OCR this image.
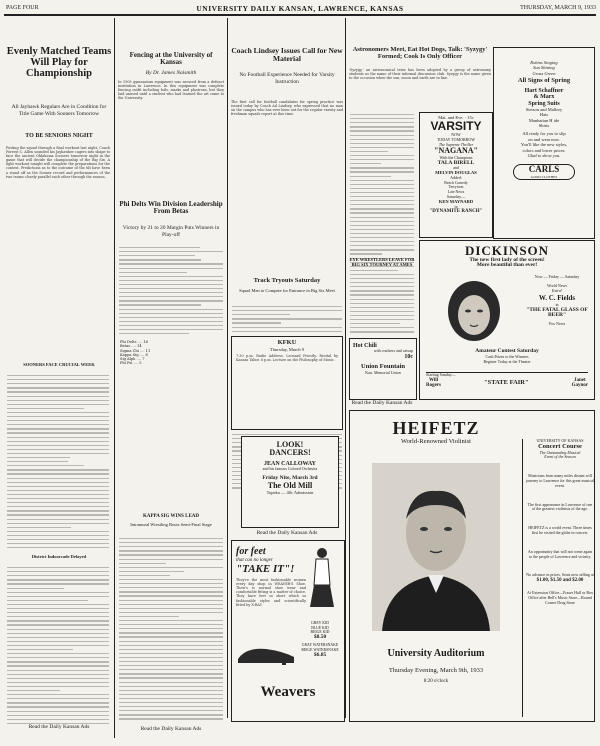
PAGE FOUR	UNIVERSITY DAILY KANSAN, LAWRENCE, KANSAS	THURSDAY, MARCH 9, 1933
Evenly Matched Teams Will Play for Championship
All Jayhawk Regulars Are in Condition for Title Game With Sooners Tomorrow
TO BE SENIORS NIGHT
Putting the squad through a final workout last night, Coach Forrest C. Allen sounded his Jayhawker cagers into shape to face the ancient Oklahoma Sooners tomorrow night in the game that will decide the championship of the Big Six. A light workout tonight will complete the preparations for the contest. Predictions as to the outcome of the tilt have been a stand off as the Sooner record and performances of the two teams closely parallel each other through the season.
SOONERS FACE CRUCIAL WEEK
District Indoorcade Delayed
Read the Daily Kansan Ads
Fencing at the University of Kansas
By Dr. James Naismith
In 1905 gymnasium equipment was secured from a defunct institution in Lawrence. In this equipment was complete fencing outfit including foils, masks and plastrons, but they laid unused until a student who had learned the art came to the University.
Phi Delts Win Division Leadership From Betas
Victory by 21 to 20 Margin Puts Winners in Play-off
Phi Delts .... 16
Betas .... 14
Sigma Chi .... 11
Kappa Sig .... 8
Sig Alph .... 7
Phi Psi .... 5
KAPPA SIG WINS LEAD
Intramural Wrestling Bouts Semi-Final Stage
Read the Daily Kansan Ads
Coach Lindsey Issues Call for New Material
No Football Experience Needed for Varsity Instruction
The first call for football candidates for spring practice was issued today by Coach Ad Lindsey, who expressed that no man on the campus who has ever been out for the regular varsity and freshman squads report at this time.
KFKU
Thursday, March 9
7:30 p.m. Radio Address, Leonard Priestly. Recital by Kansas Tabor. 8 p.m. Lecture on the Philosophy of Music.
Track Tryouts Saturday
Squad Men to Compete for Entrance in Big Six Meet
LOOK!
DANCERS!
JEAN CALLOWAY
and his famous Colored Orchestra
Friday Nite, March 3rd
The Old Mill
Topeka — 40c Admission
Read the Daily Kansan Ads
Astronomers Meet, Eat Hot Dogs, Talk: 'Syzygy' Formed; Cook Is Only Officer
'Syzygy,' an astronomical term has been adopted by a group of astronomy students as the name of their informal discussion club. Syzygy is the name given to the occasion when the sun, moon and earth are in line.
Robins Singing
Sun Shining
Grass Green
All Signs of Spring
Hart Schaffner
& Marx
Spring Suits
Stetson and Mallory
Hats
Manhattan H ide
Shirts
All ready for you to slip
on and wear now.
You'll like the new styles,
colors and lower prices.
Glad to show you.
CARLS
GOOD CLOTHES
Mat. and Eve. · 15c
VARSITY
NOW
TODAY TOMORROW
The Supreme Thriller
"NAGANA"
With the Champions
TALA BIRELL
and
MELVIN DOUGLAS
Added:
Bench Comedy
Terrytoon
Late News
Saturday—
KEN MAYNARD
in
"DYNAMITE RANCH"
DICKINSON
The new first lady of the screen!
More beautiful than ever!
Now — Friday — Saturday
World News
Extra!
W. C. Fields
in
"THE FATAL GLASS OF BEER"
Fox News
Amateur Contest Saturday
Cash Prizes to the Winners
Register Today at the Theater
Starting Sunday—
Will
Rogers	"STATE FAIR"	Janet
Gaynor
Hot Chili
with crackers and catsup
10c
Union Fountain
Kan. Memorial Union
EYE WRESTLERS LEAVE FOR BIG SIX TOURNEY AT AMES
Read the Daily Kansan Ads
HEIFETZ
World-Renowned Violinist
University Auditorium
Thursday Evening, March 9th, 1933
8:20 o'clock
UNIVERSITY OF KANSAS
Concert Course
The Outstanding Musical
Event of the Season
Musicians from many miles distant will journey to Lawrence for this great musical event.
The first appearance in Lawrence of one of the greatest violinists of the age.
HEIFETZ is a world event. Three times first he visited the globe in concert.
An opportunity that will not come again to the people of Lawrence and vicinity.
No advance in prices. Seats now selling at
$1.00, $1.50 and $2.00
At Extension Office—Fraser Hall or Box Office after Bell's Music Store—Round Corner Drug Store
for feet
that can no longer
"TAKE IT"!
They're the most fashionable women every day shop in WEAVER'S Shoe. Their's is normal shoe wear and comfortable fitting is a matter of choice. They have feet so short which so fashionable styles and scientifically fitted by X-RAY.
GREY KID
BLUE KID
BEIGE KID
$8.50
GRAY WATERSNAKE
BEIGE WATERSNAKE
$6.85
Weavers
